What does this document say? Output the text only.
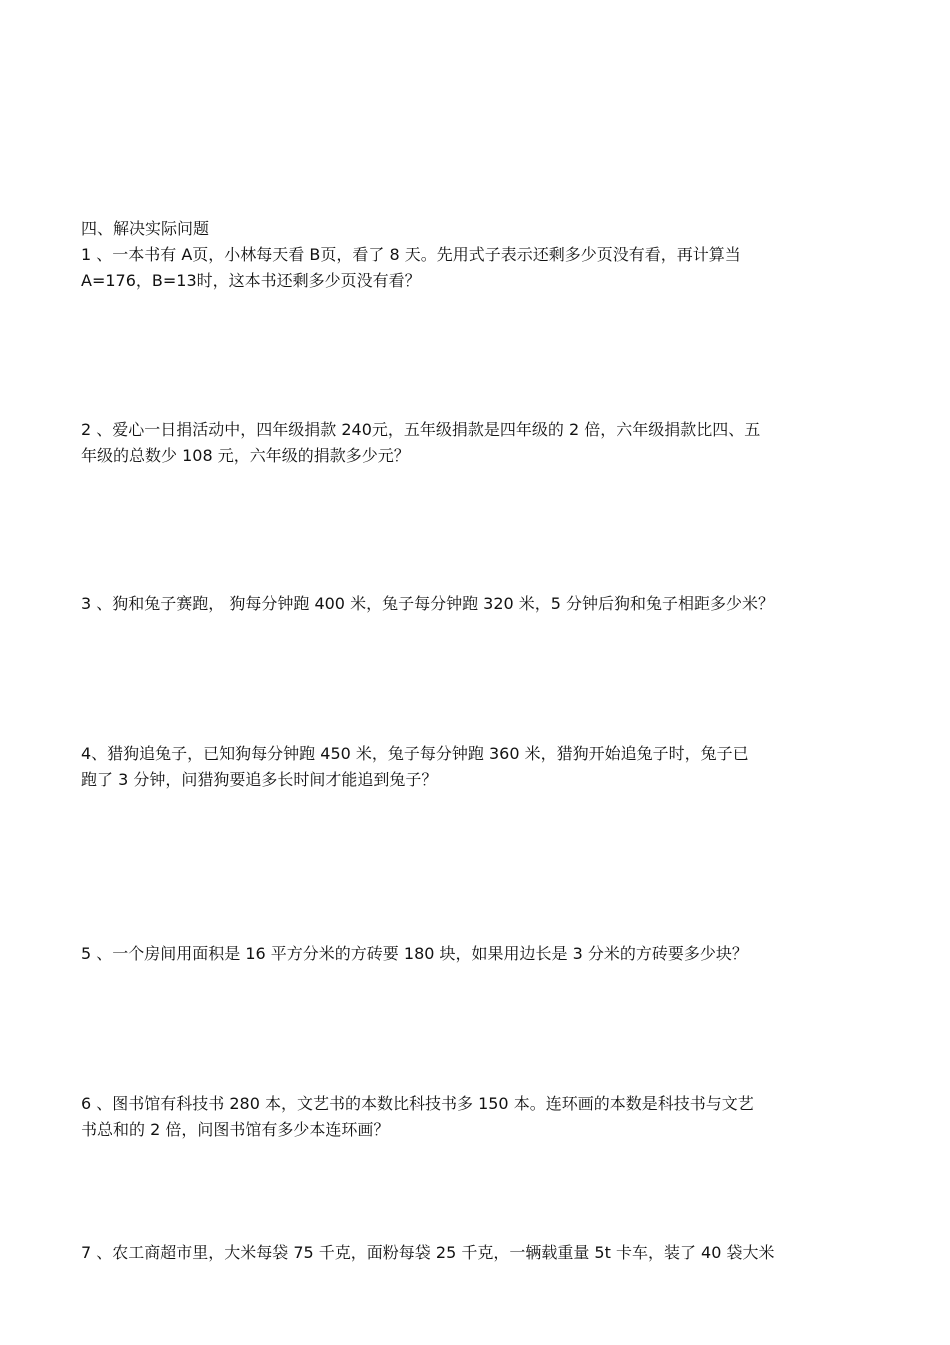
四、解决实际问题
1 、一本书有 A页，小林每天看 B页，看了 8 天。先用式子表示还剩多少页没有看，再计算当
A=176，B=13时，这本书还剩多少页没有看？
2 、爱心一日捐活动中，四年级捐款 240元，五年级捐款是四年级的 2 倍，六年级捐款比四、五
年级的总数少 108 元，六年级的捐款多少元？
3 、狗和兔子赛跑， 狗每分钟跑 400 米，兔子每分钟跑 320 米，5 分钟后狗和兔子相距多少米？
4、猎狗追兔子，已知狗每分钟跑 450 米，兔子每分钟跑 360 米，猎狗开始追兔子时，兔子已
跑了 3 分钟，问猎狗要追多长时间才能追到兔子？
5 、一个房间用面积是 16 平方分米的方砖要 180 块，如果用边长是 3 分米的方砖要多少块？
6 、图书馆有科技书 280 本，文艺书的本数比科技书多 150 本。连环画的本数是科技书与文艺
书总和的 2 倍，问图书馆有多少本连环画？
7 、农工商超市里，大米每袋 75 千克，面粉每袋 25 千克，一辆载重量 5t 卡车，装了 40 袋大米
